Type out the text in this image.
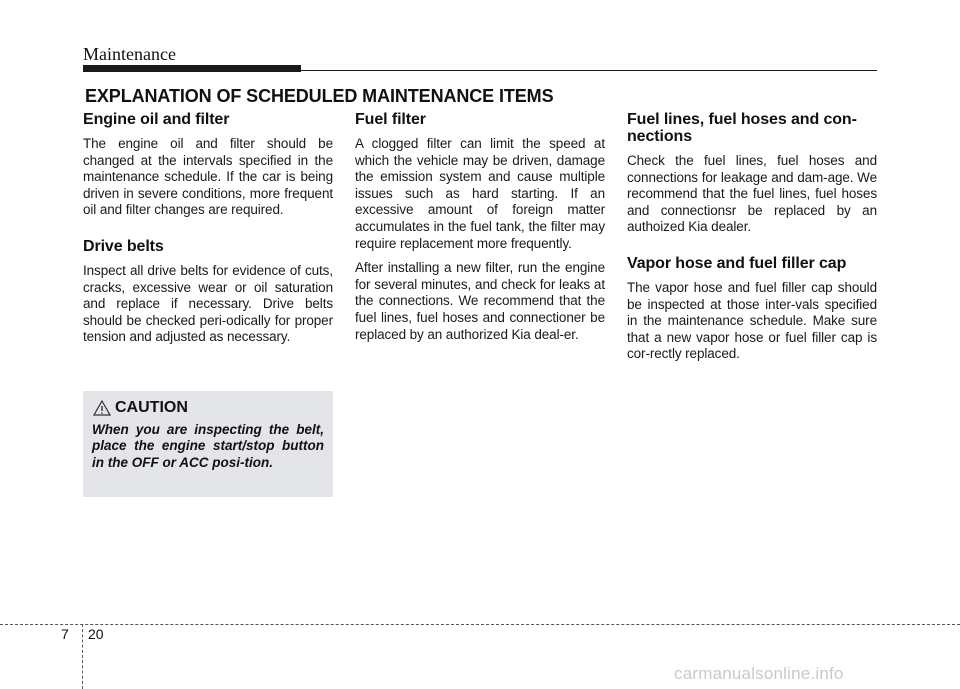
Maintenance
EXPLANATION OF SCHEDULED MAINTENANCE ITEMS
Engine oil and filter

The engine oil and filter should be changed at the intervals specified in the maintenance schedule. If the car is being driven in severe conditions, more frequent oil and filter changes are required.

Drive belts

Inspect all drive belts for evidence of cuts, cracks, excessive wear or oil saturation and replace if necessary. Drive belts should be checked peri-odically for proper tension and adjusted as necessary.

Fuel filter

A clogged filter can limit the speed at which the vehicle may be driven, damage the emission system and cause multiple issues such as hard starting. If an excessive amount of foreign matter accumulates in the fuel tank, the filter may require replacement more frequently.

After installing a new filter, run the engine for several minutes, and check for leaks at the connections. We recommend that the fuel lines, fuel hoses and connectioner be replaced by an authorized Kia deal-er.

Fuel lines, fuel hoses and con-nections

Check the fuel lines, fuel hoses and connections for leakage and dam-age. We recommend that the fuel lines, fuel hoses and connectionsr be replaced by an authoized Kia dealer.

Vapor hose and fuel filler cap

The vapor hose and fuel filler cap should be inspected at those inter-vals specified in the maintenance schedule. Make sure that a new vapor hose or fuel filler cap is cor-rectly replaced.

CAUTION
When you are inspecting the belt, place the engine start/stop button in the OFF or ACC posi-tion.
7 20
carmanualsonline.info
